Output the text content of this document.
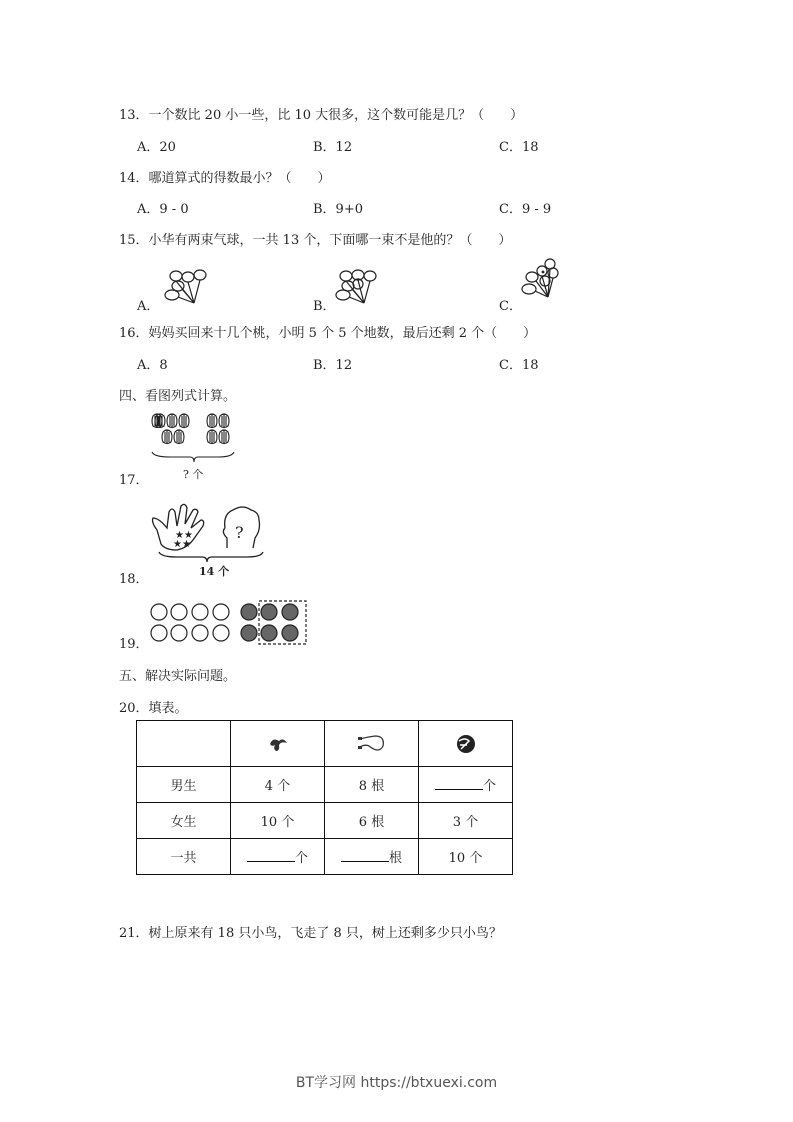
13．一个数比 20 小一些，比 10 大很多，这个数可能是几？（　　）
A．20	B．12	C．18
14．哪道算式的得数最小？（　　）
A．9 - 0	B．9+0	C．9 - 9
15．小华有两束气球，一共 13 个，下面哪一束不是他的？（　　）
A．	B．	C．
16．妈妈买回来十几个桃，小明 5 个 5 个地数，最后还剩 2 个（　　）
A．8	B．12	C．18
四、看图列式计算。
? 个
17．
★★
★★
?
14 个
18．
19．
五、解决实际问题。
20．填表。

男生	4 个	8 根	个
女生	10 个	6 根	3 个
一共	个	根	10 个
21．树上原来有 18 只小鸟，飞走了 8 只，树上还剩多少只小鸟？
BT学习网 https://btxuexi.com
